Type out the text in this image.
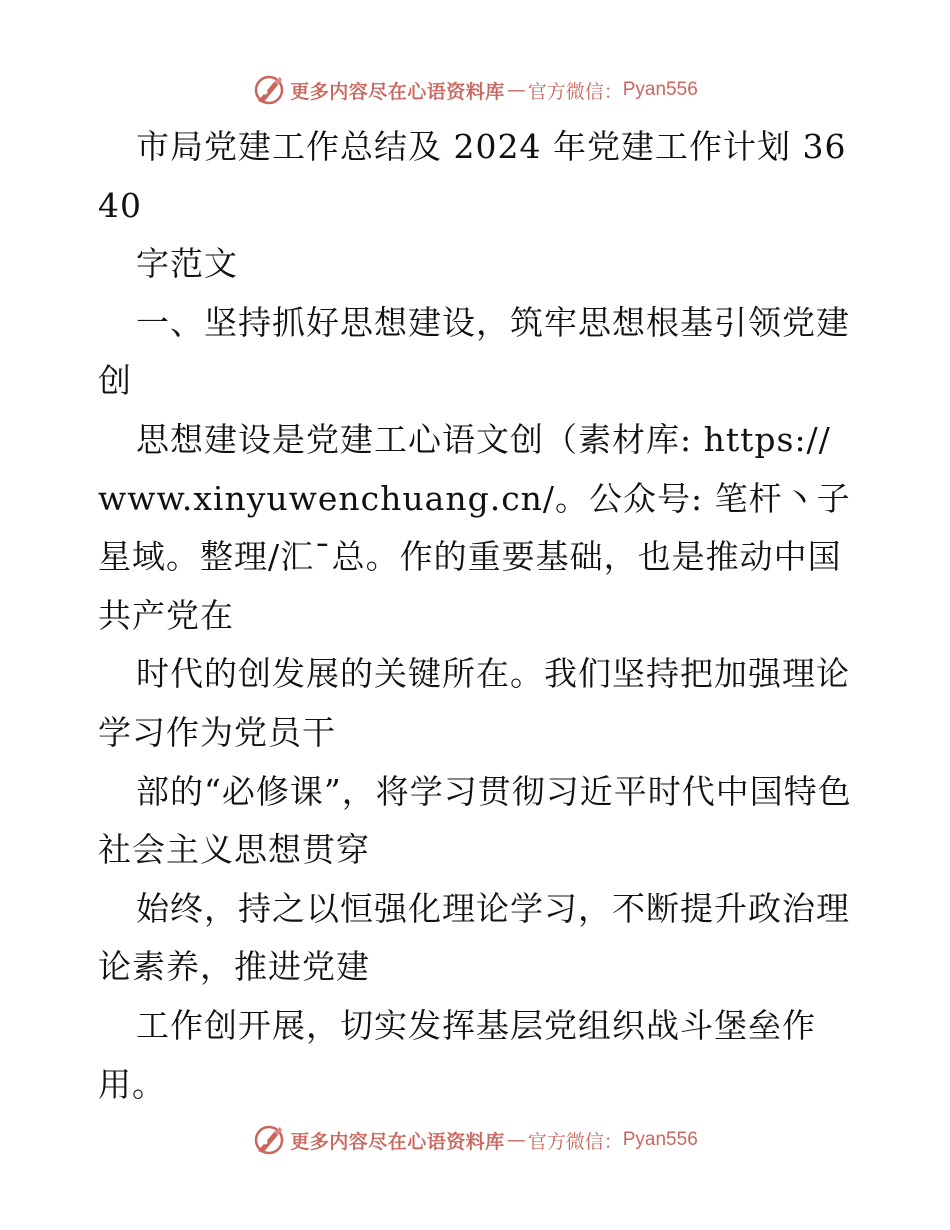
更多内容尽在心语资料库 — 官方微信： Pyan556

市局党建工作总结及 2024 年党建工作计划 3640

字范文

一、坚持抓好思想建设，筑牢思想根基引领党建创

思想建设是党建工心语文创（素材库: https://www.xinyuwenchuang.cn/。公众号: 笔杆丶子星域。整理/汇¯总。作的重要基础，也是推动中国共产党在

时代的创发展的关键所在。我们坚持把加强理论学习作为党员干

部的“必修课”，将学习贯彻习近平时代中国特色社会主义思想贯穿

始终，持之以恒强化理论学习，不断提升政治理论素养，推进党建

工作创开展，切实发挥基层党组织战斗堡垒作用。

更多内容尽在心语资料库 — 官方微信： Pyan556
